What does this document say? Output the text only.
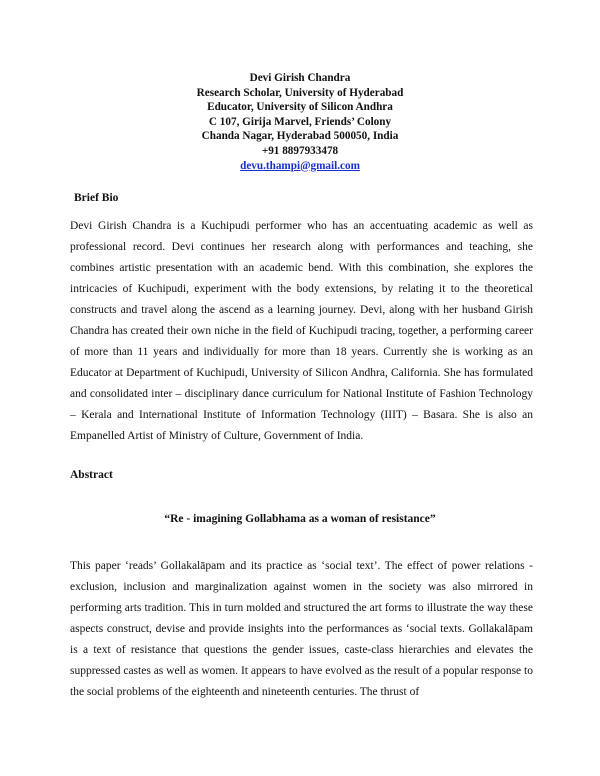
Devi Girish Chandra
Research Scholar, University of Hyderabad
Educator, University of Silicon Andhra
C 107, Girija Marvel, Friends’ Colony
Chanda Nagar, Hyderabad 500050, India
+91 8897933478
devu.thampi@gmail.com
Brief Bio
Devi Girish Chandra is a Kuchipudi performer who has an accentuating academic as well as professional record. Devi continues her research along with performances and teaching, she combines artistic presentation with an academic bend. With this combination, she explores the intricacies of Kuchipudi, experiment with the body extensions, by relating it to the theoretical constructs and travel along the ascend as a learning journey. Devi, along with her husband Girish Chandra has created their own niche in the field of Kuchipudi tracing, together, a performing career of more than 11 years and individually for more than 18 years. Currently she is working as an Educator at Department of Kuchipudi, University of Silicon Andhra, California. She has formulated and consolidated inter – disciplinary dance curriculum for National Institute of Fashion Technology – Kerala and International Institute of Information Technology (IIIT) – Basara. She is also an Empanelled Artist of Ministry of Culture, Government of India.
Abstract
“Re - imagining Gollabhama as a woman of resistance”
This paper ‘reads’ Gollakalāpam and its practice as ‘social text’. The effect of power relations - exclusion, inclusion and marginalization against women in the society was also mirrored in performing arts tradition. This in turn molded and structured the art forms to illustrate the way these aspects construct, devise and provide insights into the performances as ‘social texts. Gollakalāpam is a text of resistance that questions the gender issues, caste-class hierarchies and elevates the suppressed castes as well as women. It appears to have evolved as the result of a popular response to the social problems of the eighteenth and nineteenth centuries. The thrust of
